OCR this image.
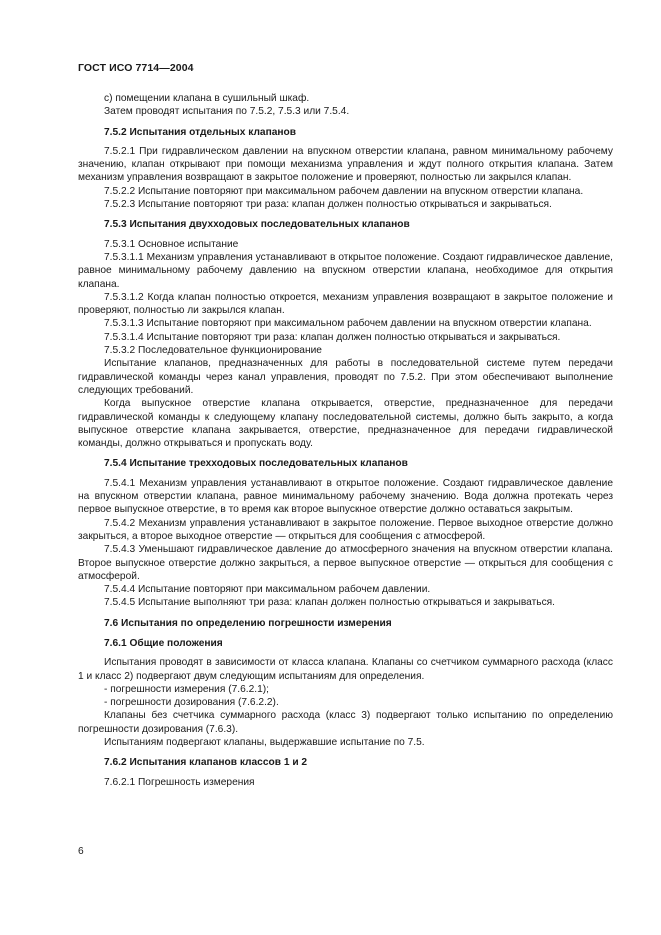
ГОСТ ИСО 7714—2004

c) помещении клапана в сушильный шкаф.

Затем проводят испытания по 7.5.2, 7.5.3 или 7.5.4.

7.5.2 Испытания отдельных клапанов

7.5.2.1 При гидравлическом давлении на впускном отверстии клапана, равном минимальному рабочему значению, клапан открывают при помощи механизма управления и ждут полного открытия клапана. Затем механизм управления возвращают в закрытое положение и проверяют, полностью ли закрылся клапан.

7.5.2.2 Испытание повторяют при максимальном рабочем давлении на впускном отверстии клапана.

7.5.2.3 Испытание повторяют три раза: клапан должен полностью открываться и закрываться.

7.5.3 Испытания двухходовых последовательных клапанов

7.5.3.1 Основное испытание

7.5.3.1.1 Механизм управления устанавливают в открытое положение. Создают гидравлическое давление, равное минимальному рабочему давлению на впускном отверстии клапана, необходимое для открытия клапана.

7.5.3.1.2 Когда клапан полностью откроется, механизм управления возвращают в закрытое положение и проверяют, полностью ли закрылся клапан.

7.5.3.1.3 Испытание повторяют при максимальном рабочем давлении на впускном отверстии клапана.

7.5.3.1.4 Испытание повторяют три раза: клапан должен полностью открываться и закрываться.

7.5.3.2 Последовательное функционирование

Испытание клапанов, предназначенных для работы в последовательной системе путем передачи гидравлической команды через канал управления, проводят по 7.5.2. При этом обеспечивают выполнение следующих требований.

Когда выпускное отверстие клапана открывается, отверстие, предназначенное для передачи гидравлической команды к следующему клапану последовательной системы, должно быть закрыто, а когда выпускное отверстие клапана закрывается, отверстие, предназначенное для передачи гидравлической команды, должно открываться и пропускать воду.

7.5.4 Испытание трехходовых последовательных клапанов

7.5.4.1 Механизм управления устанавливают в открытое положение. Создают гидравлическое давление на впускном отверстии клапана, равное минимальному рабочему значению. Вода должна протекать через первое выпускное отверстие, в то время как второе выпускное отверстие должно оставаться закрытым.

7.5.4.2 Механизм управления устанавливают в закрытое положение. Первое выходное отверстие должно закрыться, а второе выходное отверстие — открыться для сообщения с атмосферой.

7.5.4.3 Уменьшают гидравлическое давление до атмосферного значения на впускном отверстии клапана. Второе выпускное отверстие должно закрыться, а первое выпускное отверстие — открыться для сообщения с атмосферой.

7.5.4.4 Испытание повторяют при максимальном рабочем давлении.

7.5.4.5 Испытание выполняют три раза: клапан должен полностью открываться и закрываться.

7.6 Испытания по определению погрешности измерения

7.6.1 Общие положения

Испытания проводят в зависимости от класса клапана. Клапаны со счетчиком суммарного расхода (класс 1 и класс 2) подвергают двум следующим испытаниям для определения.

- погрешности измерения (7.6.2.1);

- погрешности дозирования (7.6.2.2).

Клапаны без счетчика суммарного расхода (класс 3) подвергают только испытанию по определению погрешности дозирования (7.6.3).

Испытаниям подвергают клапаны, выдержавшие испытание по 7.5.

7.6.2 Испытания клапанов классов 1 и 2

7.6.2.1 Погрешность измерения

6
